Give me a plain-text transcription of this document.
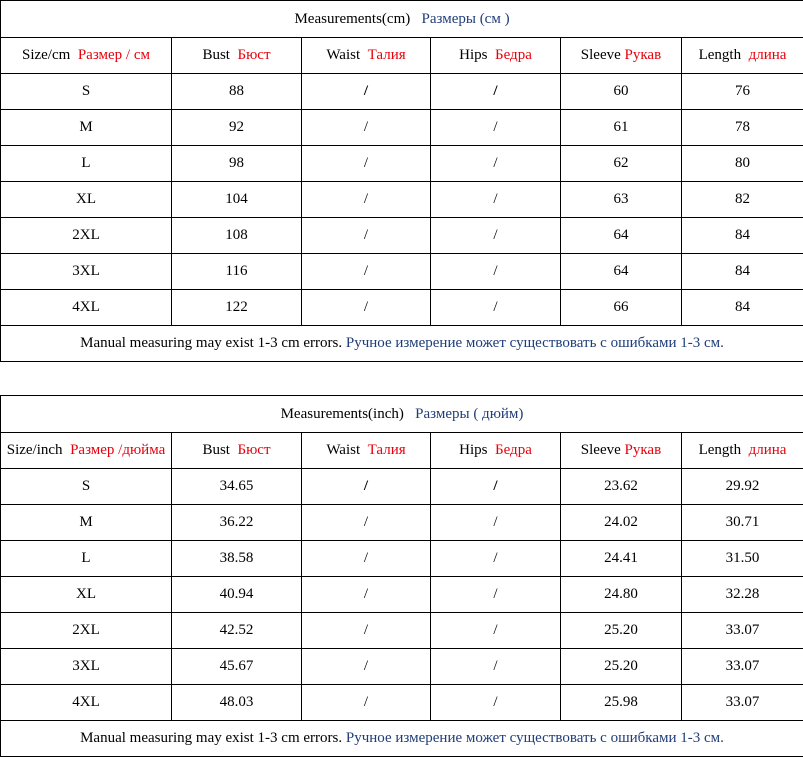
Measurements(cm) Размеры (см )					
Size/cm Размер / см	Bust Бюст	Waist Талия	Hips Бедра	Sleeve Рукав	Length длина
S	88	/	/	60	76
M	92	/	/	61	78
L	98	/	/	62	80
XL	104	/	/	63	82
2XL	108	/	/	64	84
3XL	116	/	/	64	84
4XL	122	/	/	66	84
Manual measuring may exist 1-3 cm errors. Ручное измерение может существовать с ошибками 1-3 см.					
Measurements(inch) Размеры ( дюйм)					
Size/inch Размер /дюйма	Bust Бюст	Waist Талия	Hips Бедра	Sleeve Рукав	Length длина
S	34.65	/	/	23.62	29.92
M	36.22	/	/	24.02	30.71
L	38.58	/	/	24.41	31.50
XL	40.94	/	/	24.80	32.28
2XL	42.52	/	/	25.20	33.07
3XL	45.67	/	/	25.20	33.07
4XL	48.03	/	/	25.98	33.07
Manual measuring may exist 1-3 cm errors. Ручное измерение может существовать с ошибками 1-3 см.					
